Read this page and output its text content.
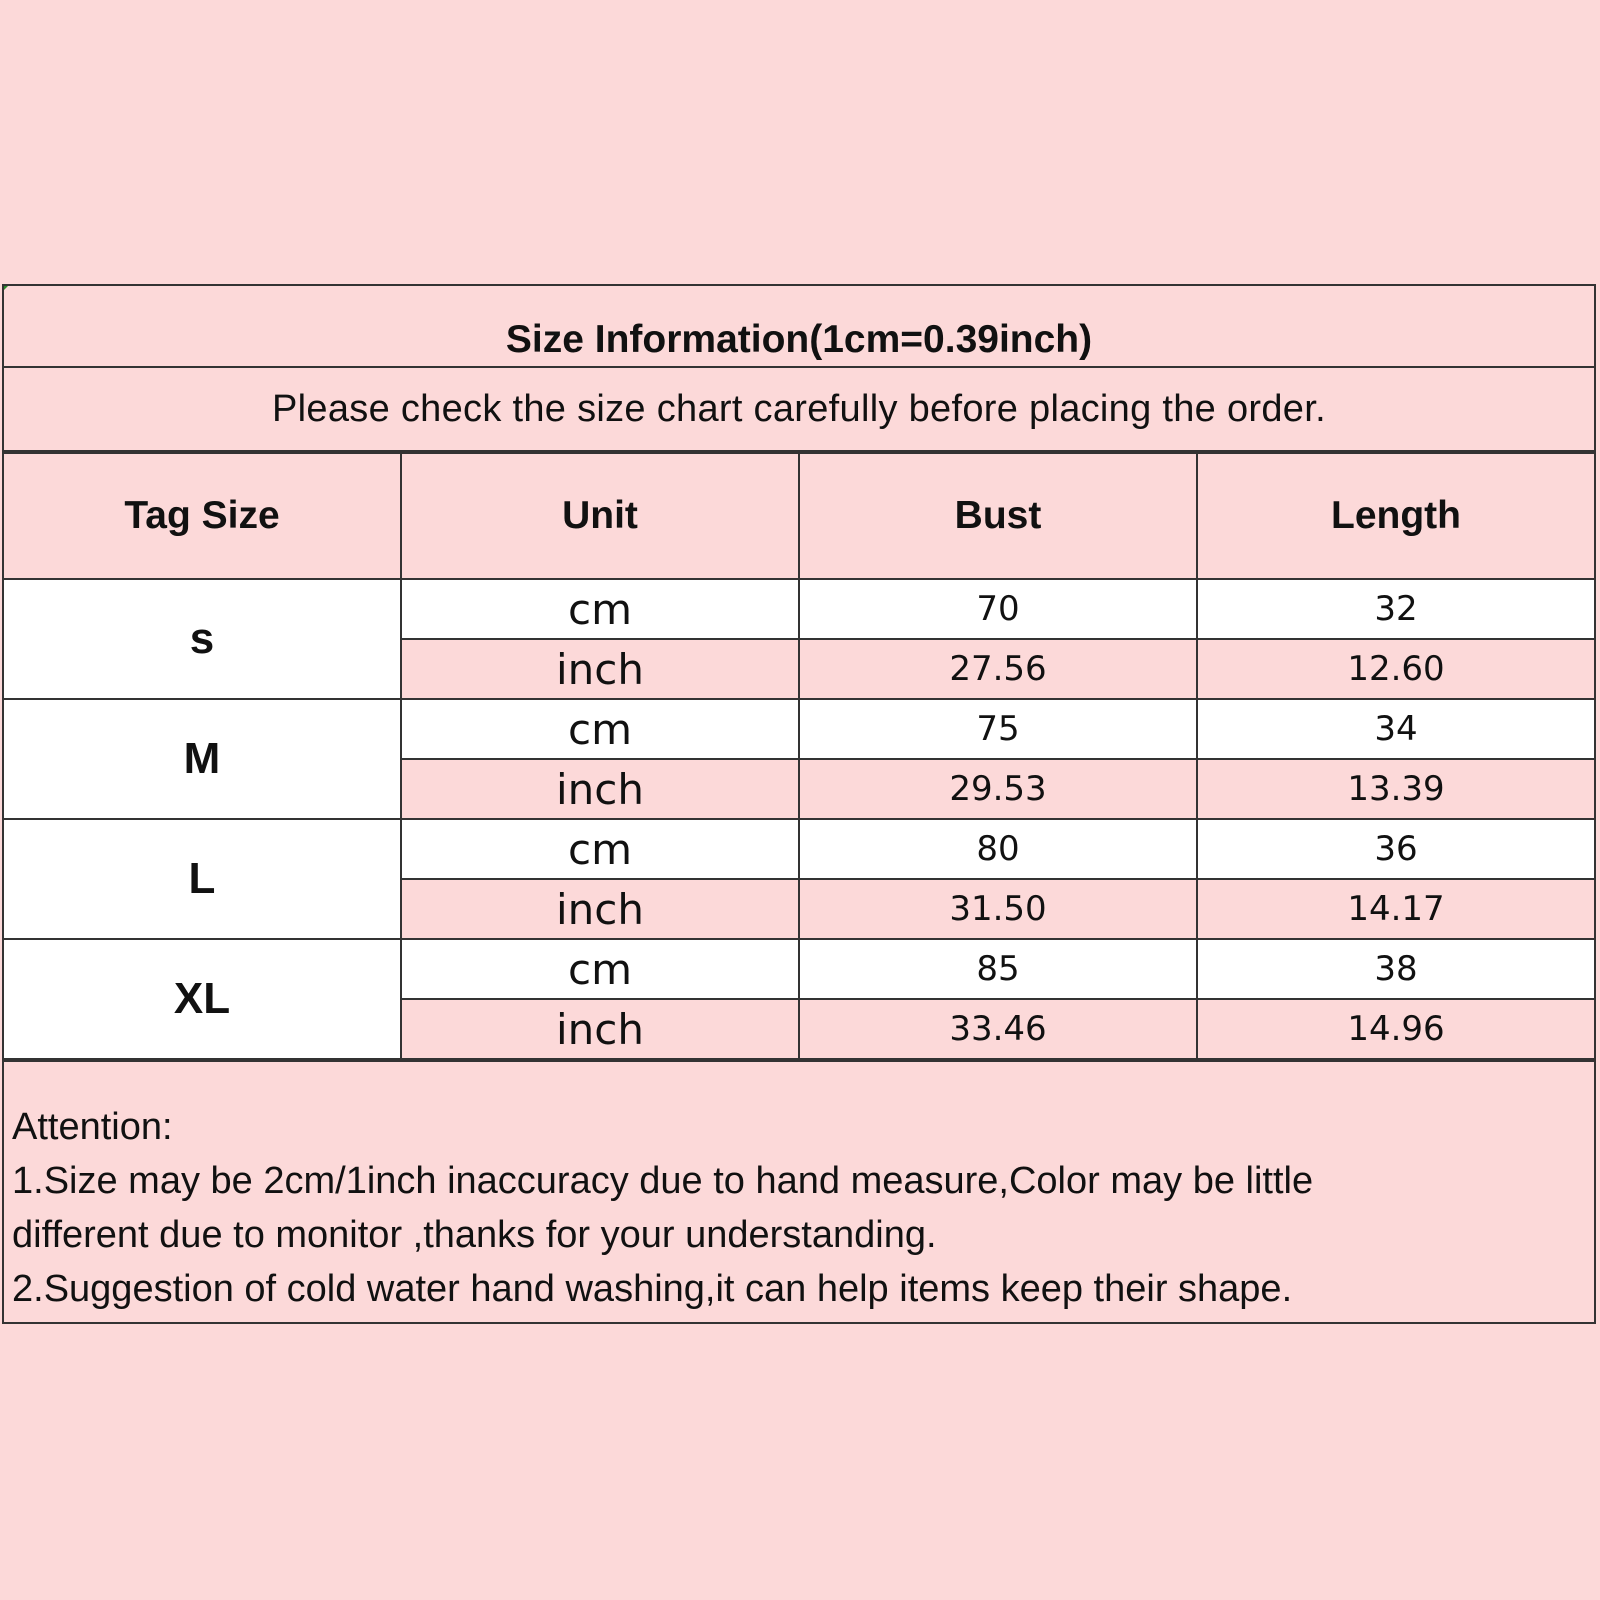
Size Information(1cm=0.39inch)
Please check the size chart carefully before placing the order.
Tag Size	Unit	Bust	Length
s	cm	70	32
	inch	27.56	12.60
M	cm	75	34
	inch	29.53	13.39
L	cm	80	36
	inch	31.50	14.17
XL	cm	85	38
	inch	33.46	14.96
Attention:
1.Size may be 2cm/1inch inaccuracy due to hand measure,Color may be little
different due to monitor ,thanks for your understanding.
2.Suggestion of cold water hand washing,it can help items keep their shape.
